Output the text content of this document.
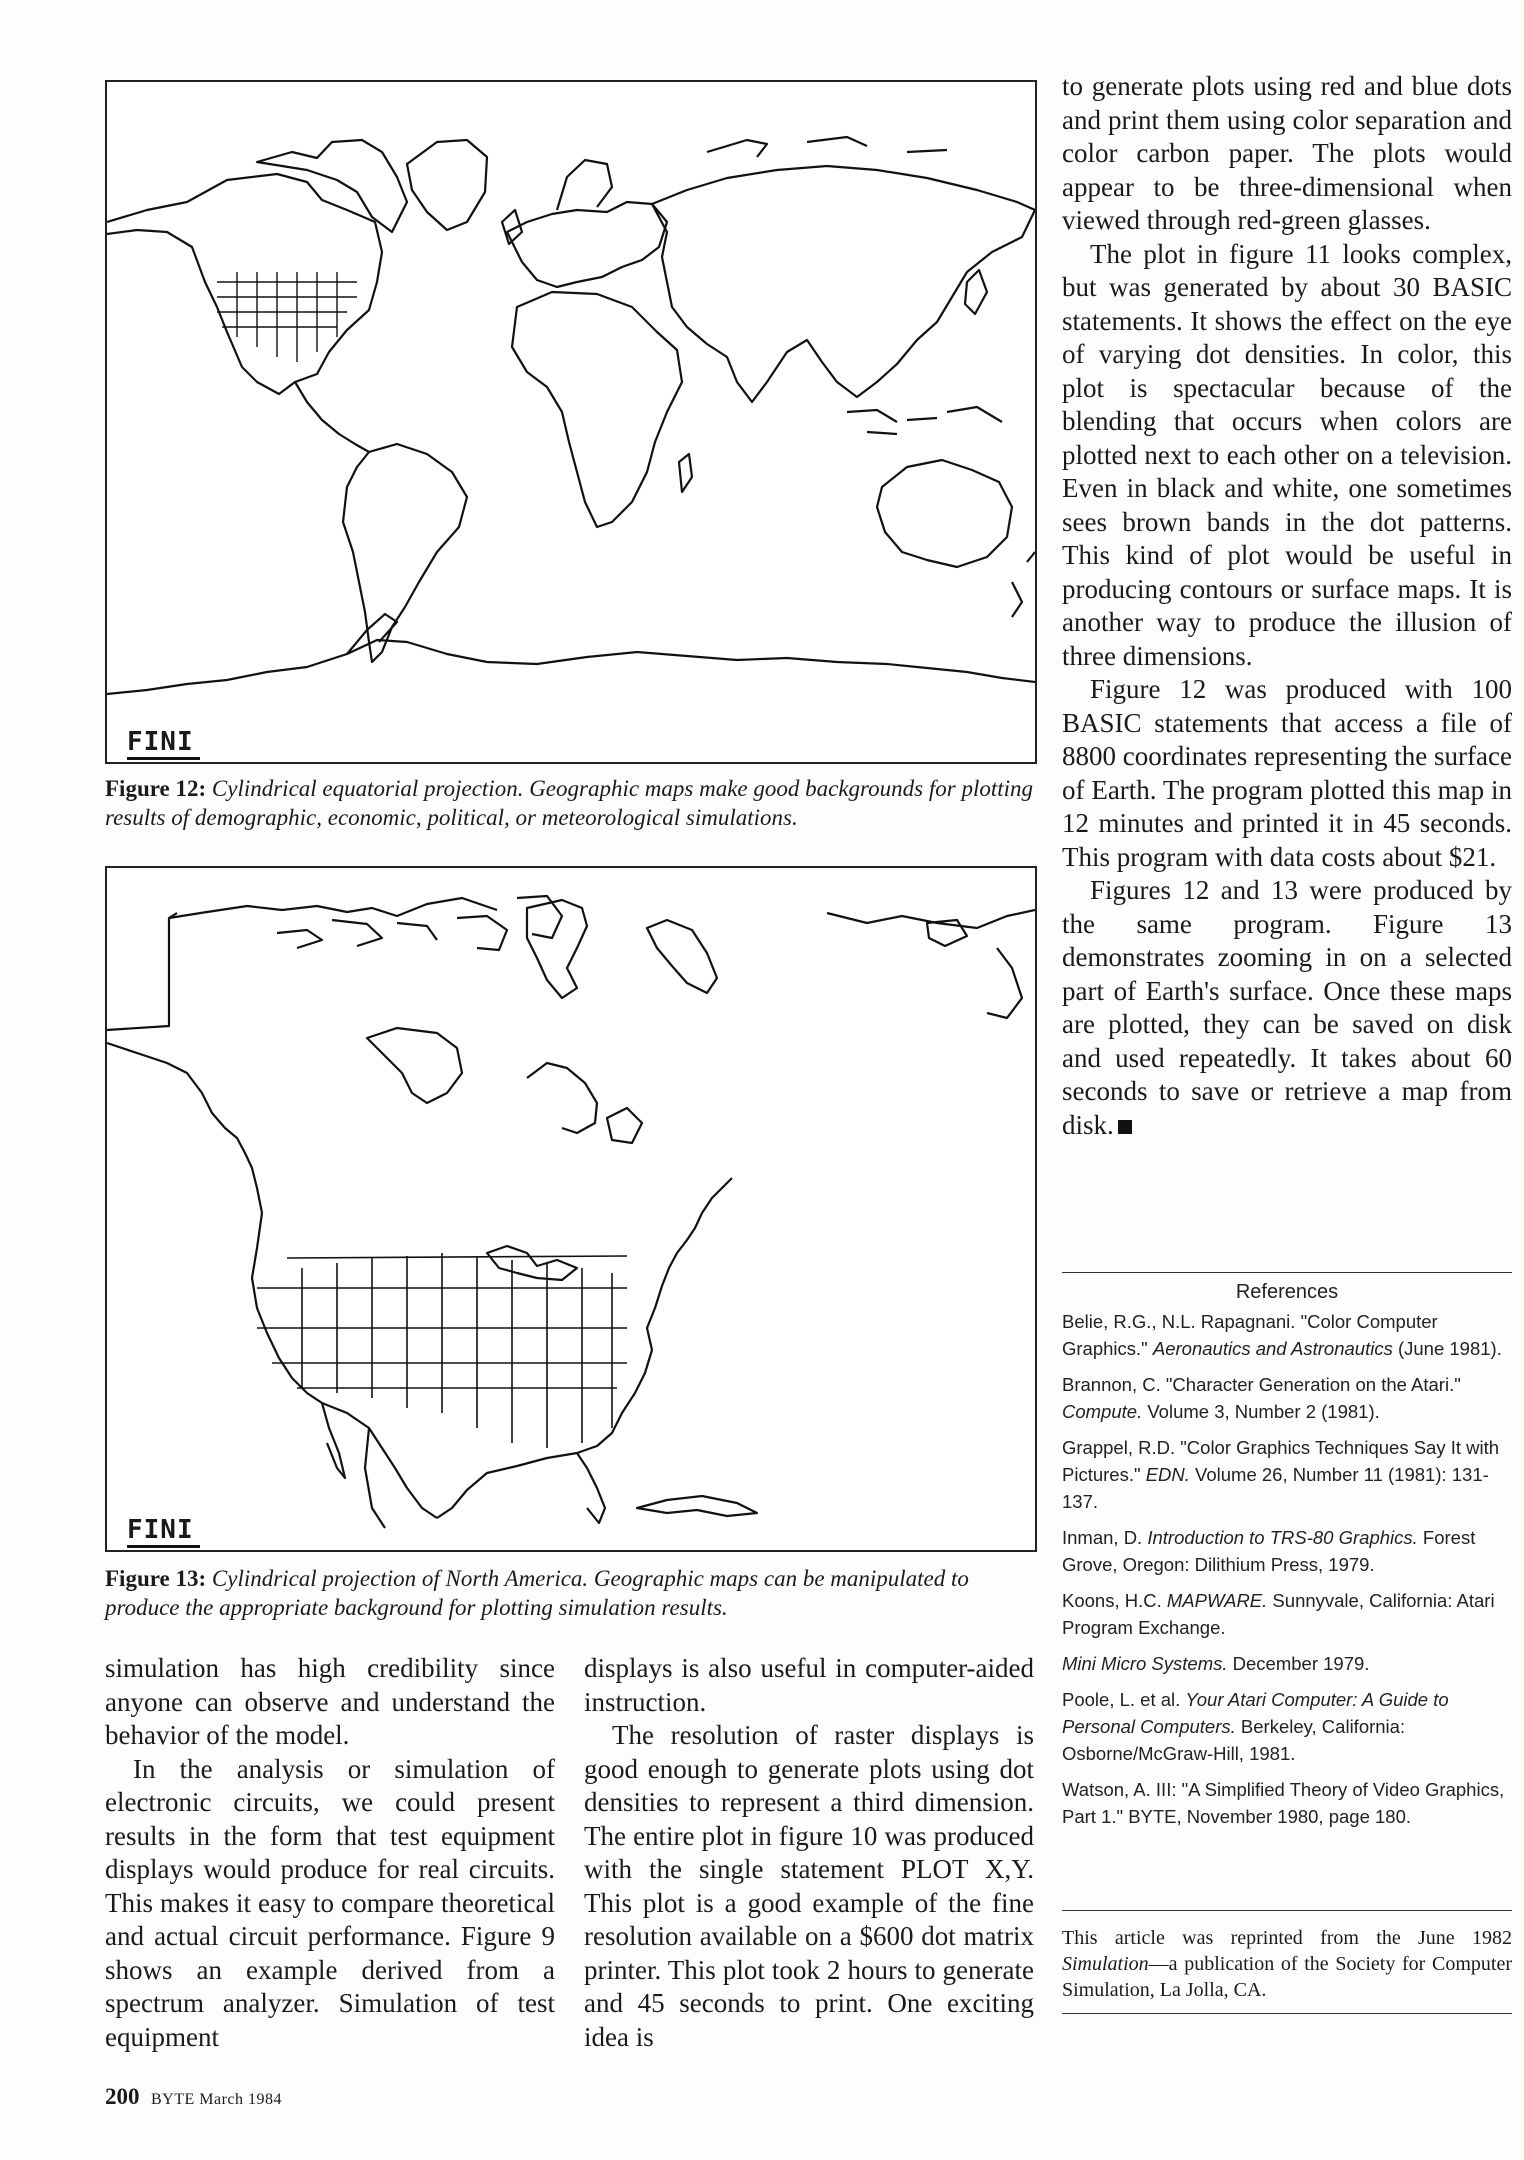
FINI
Figure 12: Cylindrical equatorial projection. Geographic maps make good backgrounds for plotting results of demographic, economic, political, or meteorological simulations.
FINI
Figure 13: Cylindrical projection of North America. Geographic maps can be manipulated to produce the appropriate background for plotting simulation results.

simulation has high credibility since anyone can observe and understand the behavior of the model.

In the analysis or simulation of electronic circuits, we could present results in the form that test equipment displays would produce for real circuits. This makes it easy to compare theoretical and actual circuit performance. Figure 9 shows an example derived from a spectrum analyzer. Simulation of test equipment

displays is also useful in computer-aided instruction.

The resolution of raster displays is good enough to generate plots using dot densities to represent a third dimension. The entire plot in figure 10 was produced with the single statement PLOT X,Y. This plot is a good example of the fine resolution available on a $600 dot matrix printer. This plot took 2 hours to generate and 45 seconds to print. One exciting idea is

to generate plots using red and blue dots and print them using color separation and color carbon paper. The plots would appear to be three-dimensional when viewed through red-green glasses.

The plot in figure 11 looks complex, but was generated by about 30 BASIC statements. It shows the effect on the eye of varying dot densities. In color, this plot is spectacular because of the blending that occurs when colors are plotted next to each other on a television. Even in black and white, one sometimes sees brown bands in the dot patterns. This kind of plot would be useful in producing contours or surface maps. It is another way to produce the illusion of three dimensions.

Figure 12 was produced with 100 BASIC statements that access a file of 8800 coordinates representing the surface of Earth. The program plotted this map in 12 minutes and printed it in 45 seconds. This program with data costs about $21.

Figures 12 and 13 were produced by the same program. Figure 13 demonstrates zooming in on a selected part of Earth's surface. Once these maps are plotted, they can be saved on disk and used repeatedly. It takes about 60 seconds to save or retrieve a map from disk.

References
Belie, R.G., N.L. Rapagnani. "Color Computer Graphics." Aeronautics and Astronautics (June 1981).
Brannon, C. "Character Generation on the Atari." Compute. Volume 3, Number 2 (1981).
Grappel, R.D. "Color Graphics Techniques Say It with Pictures." EDN. Volume 26, Number 11 (1981): 131-137.
Inman, D. Introduction to TRS-80 Graphics. Forest Grove, Oregon: Dilithium Press, 1979.
Koons, H.C. MAPWARE. Sunnyvale, California: Atari Program Exchange.
Mini Micro Systems. December 1979.
Poole, L. et al. Your Atari Computer: A Guide to Personal Computers. Berkeley, California: Osborne/McGraw-Hill, 1981.
Watson, A. III: "A Simplified Theory of Video Graphics, Part 1." BYTE, November 1980, page 180.
This article was reprinted from the June 1982 Simulation—a publication of the Society for Computer Simulation, La Jolla, CA.
200 BYTE March 1984
